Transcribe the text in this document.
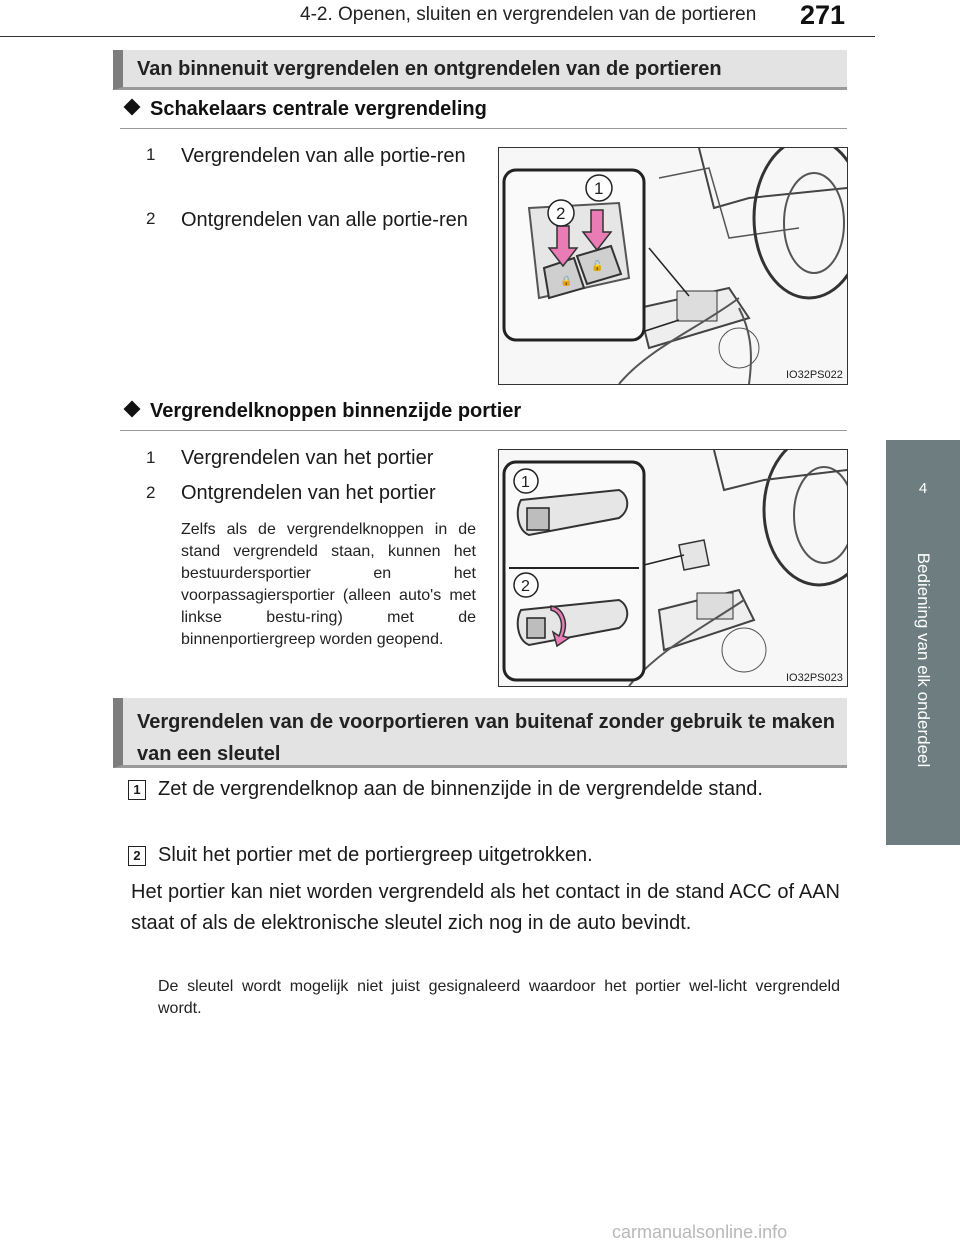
4-2. Openen, sluiten en vergrendelen van de portieren 271
4
Bediening van elk onderdeel
Van binnenuit vergrendelen en ontgrendelen van de portieren
Schakelaars centrale vergrendeling
1 Vergrendelen van alle portie-ren
2 Ontgrendelen van alle portie-ren
🔒
🔓
1
2
IO32PS022
Vergrendelknoppen binnenzijde portier
1 Vergrendelen van het portier
2 Ontgrendelen van het portier
Zelfs als de vergrendelknoppen in de stand vergrendeld staan, kunnen het bestuurdersportier en het voorpassagiersportier (alleen auto's met linkse bestu-ring) met de binnenportiergreep worden geopend.
1
2
IO32PS023
Vergrendelen van de voorportieren van buitenaf zonder gebruik te maken van een sleutel
1 Zet de vergrendelknop aan de binnenzijde in de vergrendelde stand.
2 Sluit het portier met de portiergreep uitgetrokken.
Het portier kan niet worden vergrendeld als het contact in de stand ACC of AAN staat of als de elektronische sleutel zich nog in de auto bevindt.
De sleutel wordt mogelijk niet juist gesignaleerd waardoor het portier wel-licht vergrendeld wordt.
carmanualsonline.info
